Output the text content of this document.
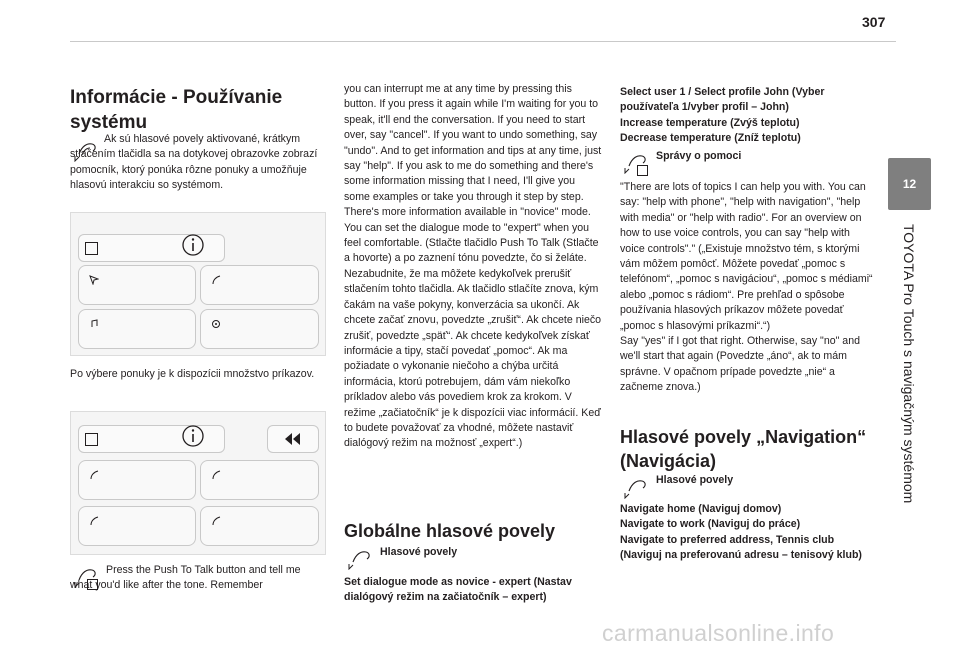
307
12
TOYOTA Pro Touch s navigačným systémom
Informácie - Používanie systému

Ak sú hlasové povely aktivované, krátkym stlačením tlačidla sa na dotykovej obrazovke zobrazí pomocník, ktorý ponúka rôzne ponuky a umožňuje hlasovú interakciu so systémom.

Po výbere ponuky je k dispozícii množstvo príkazov.

Press the Push To Talk button and tell me what you'd like after the tone. Remember

you can interrupt me at any time by pressing this button. If you press it again while I'm waiting for you to speak, it'll end the conversation. If you need to start over, say "cancel". If you want to undo something, say "undo". And to get information and tips at any time, just say "help". If you ask to me do something and there's some information missing that I need, I'll give you some examples or take you through it step by step. There's more information available in "novice" mode. You can set the dialogue mode to "expert" when you feel comfortable. (Stlačte tlačidlo Push To Talk (Stlačte a hovorte) a po zaznení tónu povedzte, čo si želáte. Nezabudnite, že ma môžete kedykoľvek prerušiť stlačením tohto tlačidla. Ak tlačidlo stlačíte znova, kým čakám na vaše pokyny, konverzácia sa ukončí. Ak chcete začať znovu, povedzte „zrušiť“. Ak chcete niečo zrušiť, povedzte „späť“. Ak chcete kedykoľvek získať informácie a tipy, stačí povedať „pomoc“. Ak ma požiadate o vykonanie niečoho a chýba určitá informácia, ktorú potrebujem, dám vám niekoľko príkladov alebo vás povediem krok za krokom. V režime „začiatočník“ je k dispozícii viac informácií. Keď to budete považovať za vhodné, môžete nastaviť dialógový režim na možnosť „expert“.)

Globálne hlasové povely

Hlasové povely

Set dialogue mode as novice - expert (Nastav dialógový režim na začiatočník – expert)

Select user 1 / Select profile John (Vyber používateľa 1/vyber profil – John)
Increase temperature (Zvýš teplotu)
Decrease temperature (Zníž teplotu)

Správy o pomoci

"There are lots of topics I can help you with. You can say: "help with phone", "help with navigation", "help with media" or "help with radio". For an overview on how to use voice controls, you can say "help with voice controls"." („Existuje množstvo tém, s ktorými vám môžem pomôcť. Môžete povedať „pomoc s telefónom“, „pomoc s navigáciou“, „pomoc s médiami“ alebo „pomoc s rádiom“. Pre prehľad o spôsobe používania hlasových príkazov môžete povedať „pomoc s hlasovými príkazmi“.“)
Say "yes" if I got that right. Otherwise, say "no" and we'll start that again (Povedzte „áno“, ak to mám správne. V opačnom prípade povedzte „nie“ a začneme znova.)

Hlasové povely „Navigation“ (Navigácia)

Hlasové povely

Navigate home (Naviguj domov)
Navigate to work (Naviguj do práce)
Navigate to preferred address, Tennis club (Naviguj na preferovanú adresu – tenisový klub)

carmanualsonline.info
